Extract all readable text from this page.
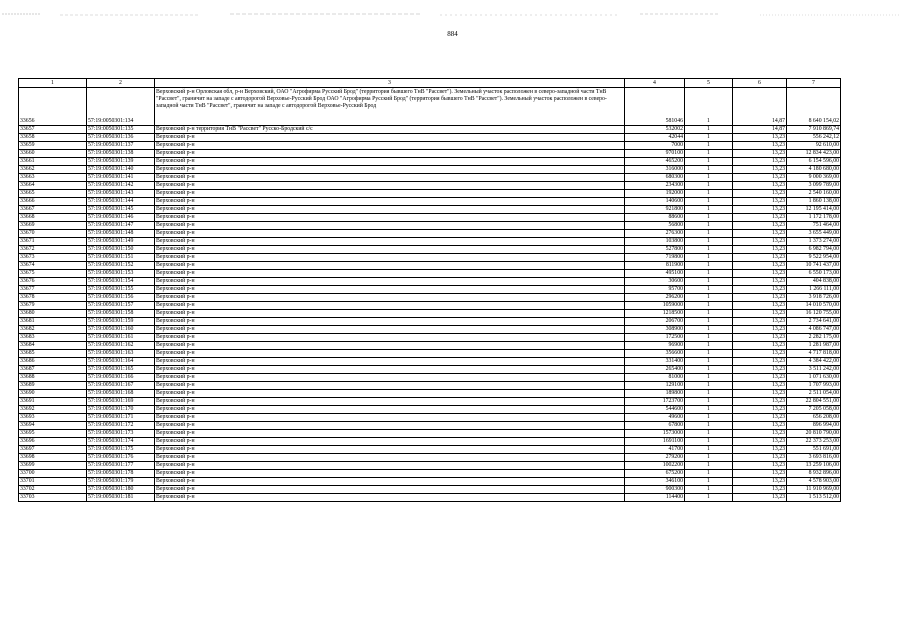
884
1	2	3	4	5	6	7
33656	57:19:0050301:134	Верховский р-н Орловская обл, р-н Верховский, ОАО "Агрофирма Русский Брод" (территория бывшего ТнВ "Рассвет"). Земельный участок расположен в северо-западной части ТнВ "Рассвет", граничит на западе с автодорогой Верховье-Русский Брод ОАО "Агрофирма Русский Брод" (территория бывшего ТнВ "Рассвет"). Земельный участок расположен в северо-западной части ТнВ "Рассвет", граничит на западе с автодорогой Верховье-Русский Брод	581046	1	14,87	8 640 154,02
33657	57:19:0050301:135	Верховский р-н территория ТнВ "Рассвет" Русско-Бродский с/с	532002	1	14,87	7 910 869,74
33658	57:19:0050301:136	Верховский р-н	42044	1	13,23	556 242,12
33659	57:19:0050301:137	Верховский р-н	7000	1	13,23	92 610,00
33660	57:19:0050301:138	Верховский р-н	970100	1	13,23	12 834 423,00
33661	57:19:0050301:139	Верховский р-н	465200	1	13,23	6 154 596,00
33662	57:19:0050301:140	Верховский р-н	316000	1	13,23	4 180 680,00
33663	57:19:0050301:141	Верховский р-н	680300	1	13,23	9 000 369,00
33664	57:19:0050301:142	Верховский р-н	234300	1	13,23	3 099 789,00
33665	57:19:0050301:143	Верховский р-н	192000	1	13,23	2 540 160,00
33666	57:19:0050301:144	Верховский р-н	140600	1	13,23	1 860 138,00
33667	57:19:0050301:145	Верховский р-н	921800	1	13,23	12 195 414,00
33668	57:19:0050301:146	Верховский р-н	88600	1	13,23	1 172 178,00
33669	57:19:0050301:147	Верховский р-н	56800	1	13,23	751 464,00
33670	57:19:0050301:148	Верховский р-н	276300	1	13,23	3 655 449,00
33671	57:19:0050301:149	Верховский р-н	103800	1	13,23	1 373 274,00
33672	57:19:0050301:150	Верховский р-н	527800	1	13,23	6 982 794,00
33673	57:19:0050301:151	Верховский р-н	719800	1	13,23	9 522 954,00
33674	57:19:0050301:152	Верховский р-н	811900	1	13,23	10 741 437,00
33675	57:19:0050301:153	Верховский р-н	495100	1	13,23	6 550 173,00
33676	57:19:0050301:154	Верховский р-н	30600	1	13,23	404 838,00
33677	57:19:0050301:155	Верховский р-н	95700	1	13,23	1 266 111,00
33678	57:19:0050301:156	Верховский р-н	296200	1	13,23	3 918 726,00
33679	57:19:0050301:157	Верховский р-н	1059000	1	13,23	14 010 570,00
33680	57:19:0050301:158	Верховский р-н	1218500	1	13,23	16 120 755,00
33681	57:19:0050301:159	Верховский р-н	206700	1	13,23	2 734 641,00
33682	57:19:0050301:160	Верховский р-н	308900	1	13,23	4 086 747,00
33683	57:19:0050301:161	Верховский р-н	172500	1	13,23	2 282 175,00
33684	57:19:0050301:162	Верховский р-н	96900	1	13,23	1 281 987,00
33685	57:19:0050301:163	Верховский р-н	356600	1	13,23	4 717 818,00
33686	57:19:0050301:164	Верховский р-н	331400	1	13,23	4 384 422,00
33687	57:19:0050301:165	Верховский р-н	265400	1	13,23	3 511 242,00
33688	57:19:0050301:166	Верховский р-н	81000	1	13,23	1 071 630,00
33689	57:19:0050301:167	Верховский р-н	129100	1	13,23	1 707 993,00
33690	57:19:0050301:168	Верховский р-н	189800	1	13,23	2 511 054,00
33691	57:19:0050301:169	Верховский р-н	1723700	1	13,23	22 804 551,00
33692	57:19:0050301:170	Верховский р-н	544600	1	13,23	7 205 058,00
33693	57:19:0050301:171	Верховский р-н	49600	1	13,23	656 208,00
33694	57:19:0050301:172	Верховский р-н	67800	1	13,23	896 994,00
33695	57:19:0050301:173	Верховский р-н	1573000	1	13,23	20 810 790,00
33696	57:19:0050301:174	Верховский р-н	1691100	1	13,23	22 373 253,00
33697	57:19:0050301:175	Верховский р-н	41700	1	13,23	551 691,00
33698	57:19:0050301:176	Верховский р-н	279200	1	13,23	3 693 816,00
33699	57:19:0050301:177	Верховский р-н	1002200	1	13,23	13 259 106,00
33700	57:19:0050301:178	Верховский р-н	675200	1	13,23	8 932 896,00
33701	57:19:0050301:179	Верховский р-н	346100	1	13,23	4 578 903,00
33702	57:19:0050301:180	Верховский р-н	900300	1	13,23	11 910 969,00
33703	57:19:0050301:181	Верховский р-н	114400	1	13,23	1 513 512,00
